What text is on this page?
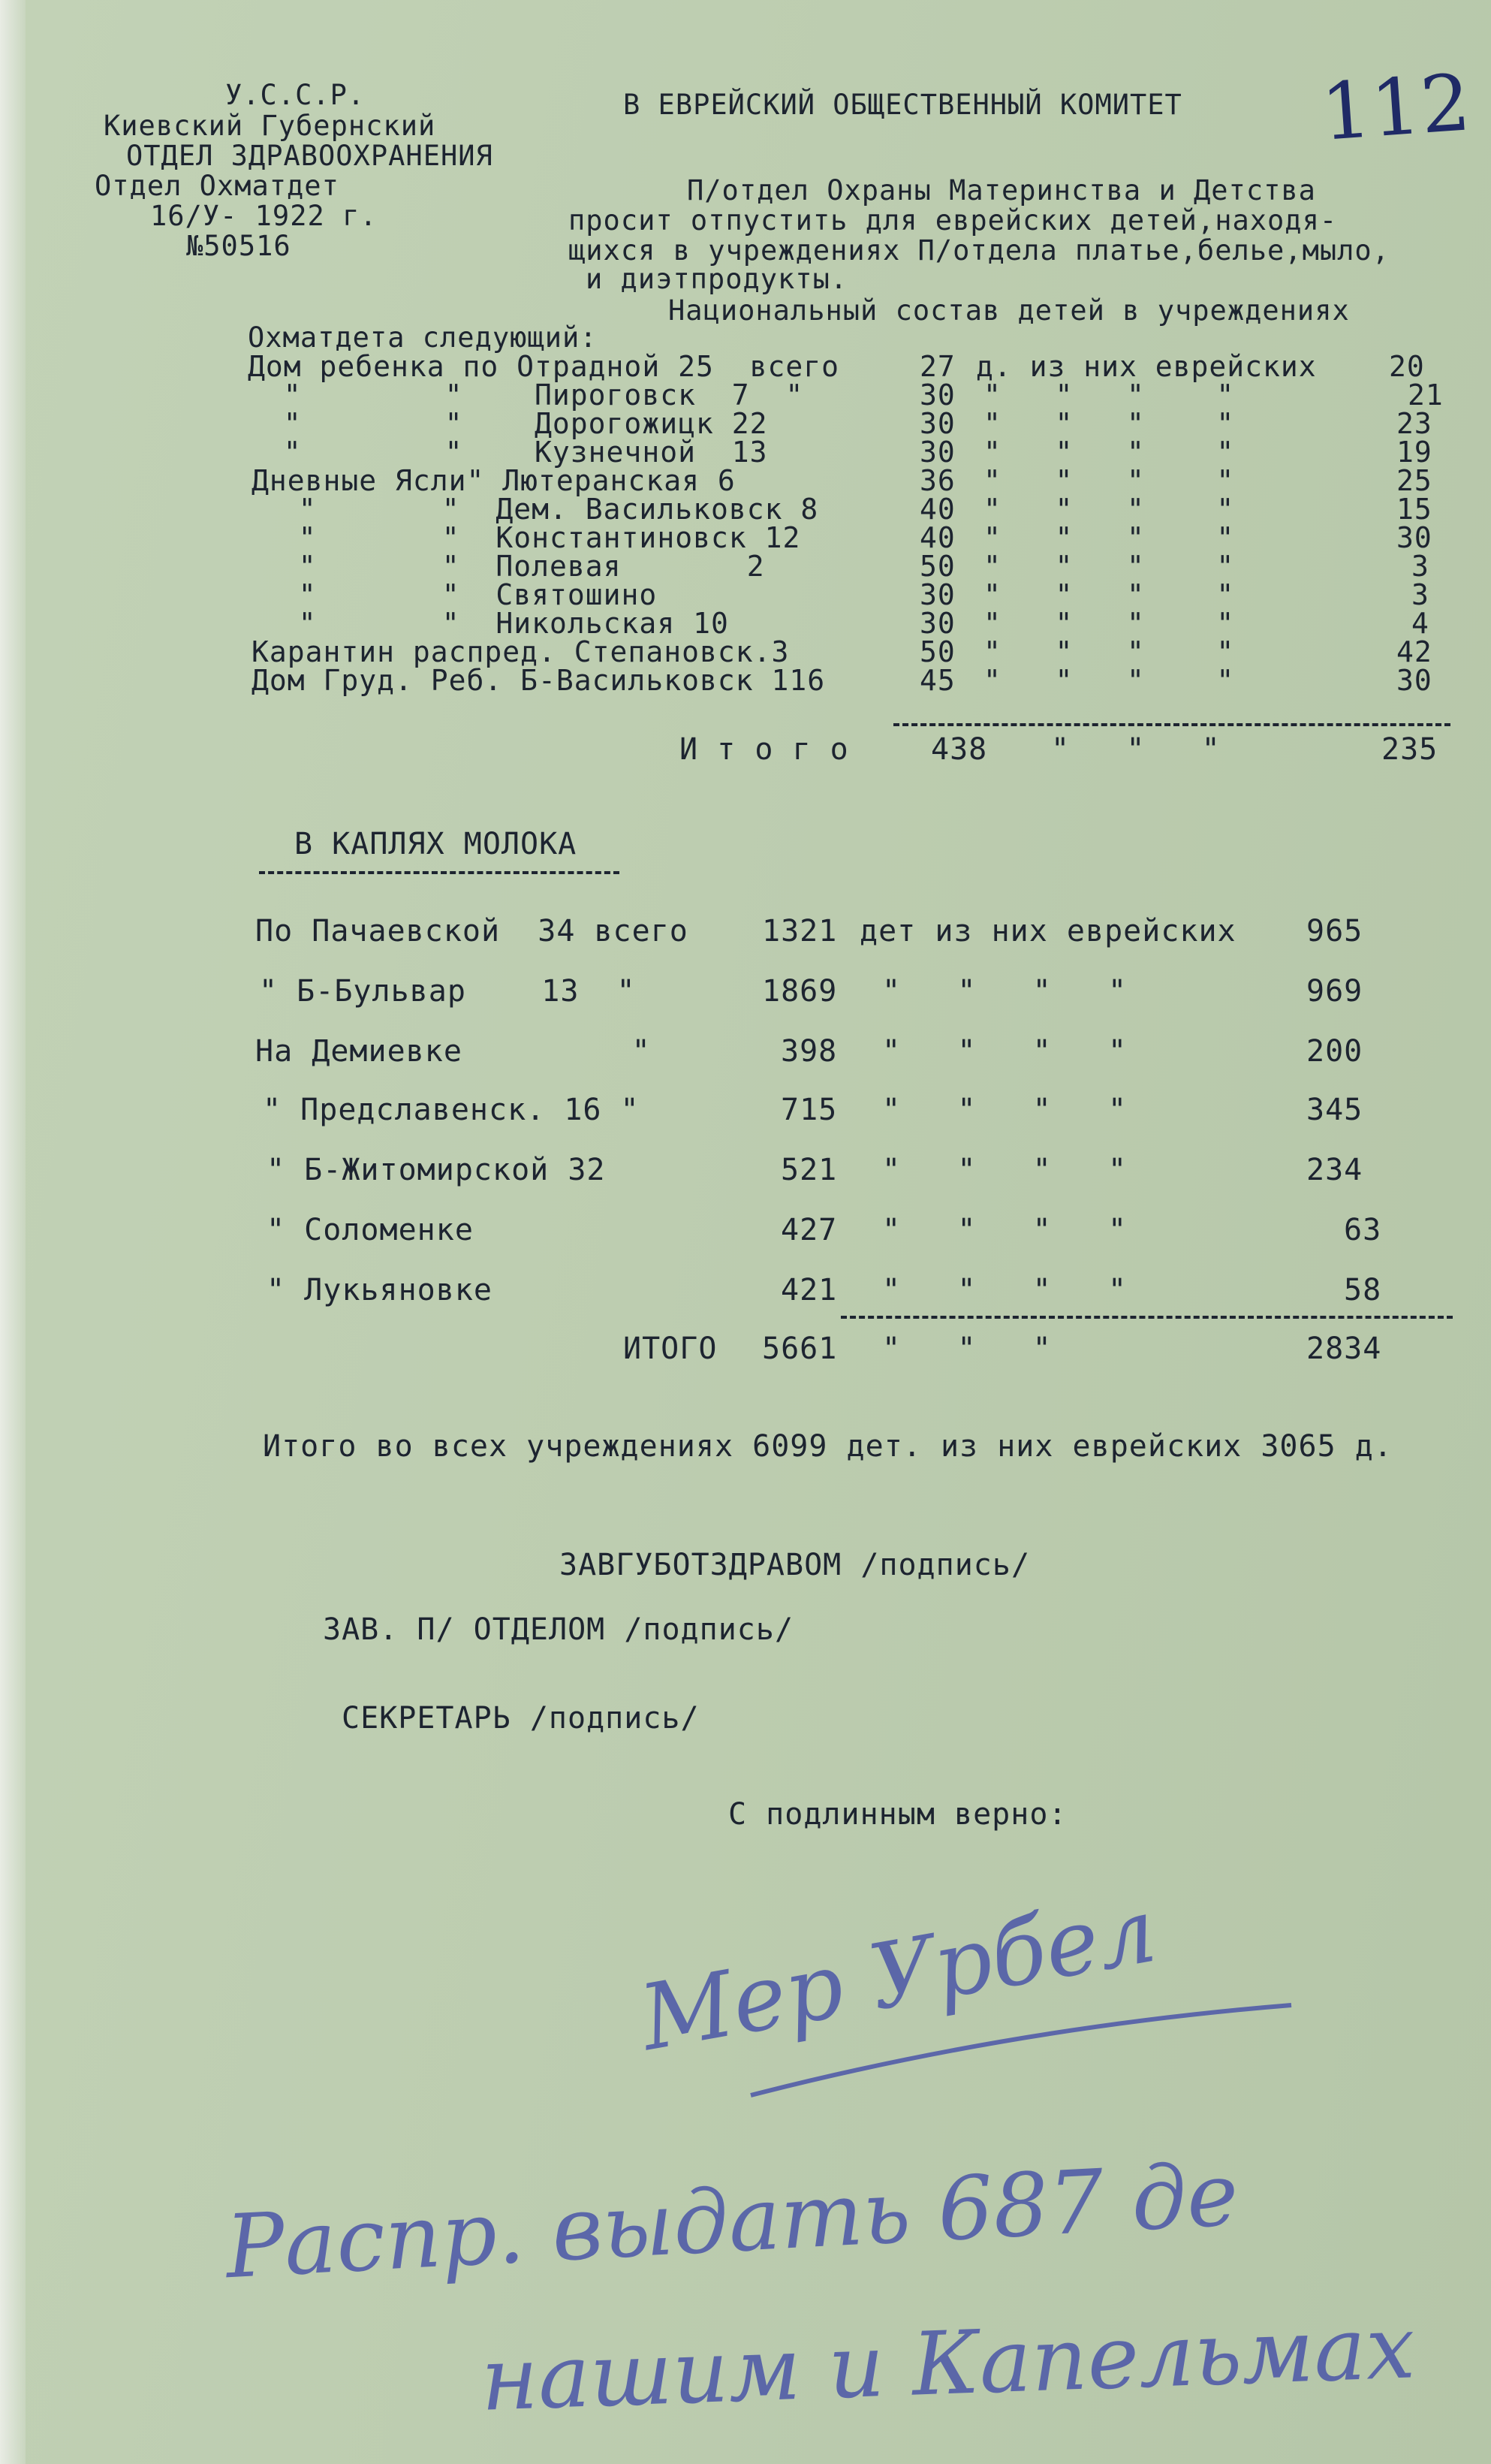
112
У.С.С.Р.
Киевский Губернский
ОТДЕЛ ЗДРАВООХРАНЕНИЯ
Отдел Охматдет
16/У- 1922 г.
№50516
В ЕВРЕЙСКИЙ ОБЩЕСТВЕННЫЙ КОМИТЕТ
П/отдел Охраны Материнства и Детства
просит отпустить для еврейских детей,находя-
щихся в учреждениях П/отдела платье,белье,мыло,
и диэтпродукты.
Национальный состав детей в учреждениях
Охматдета следующий:
Дом ребенка по Отрадной 25  всего	27 д. из них еврейских	20
"        "    Пироговск  7  "	30 "   "   "    "	21
"        "    Дорогожицк 22	30 "   "   "    "	23
"        "    Кузнечной  13	30 "   "   "    "	19
Дневные Ясли" Лютеранская 6	36 "   "   "    "	25
"       "  Дем. Васильковск 8	40 "   "   "    "	15
"       "  Константиновск 12	40 "   "   "    "	30
"       "  Полевая       2	50 "   "   "    "	3
"       "  Святошино	30 "   "   "    "	3
"       "  Никольская 10	30 "   "   "    "	4
Карантин распред. Степановск.3	50 "   "   "    "	42
Дом Груд. Реб. Б-Васильковск 116	45 "   "   "    "	30
И т о г о	438 "   "   "	235
В КАПЛЯХ МОЛОКА
По Пачаевской  34 всего 1321 дет из них еврейских 965
" Б-Бульвар    13  "	1869 "   "   "   "	969
На Демиевке         "	398 "   "   "   "	200
" Предславенск. 16 "	715 "   "   "   "	345
" Б-Житомирской 32	521 "   "   "   "	234
" Соломенке	427 "   "   "   "	63
" Лукьяновке	421 "   "   "   "	58
ИТОГО 5661 "   "   "	2834
Итого во всех учреждениях 6099 дет. из них еврейских 3065 д.
ЗАВГУБОТЗДРАВОМ /подпись/
ЗАВ. П/ ОТДЕЛОМ /подпись/
СЕКРЕТАРЬ /подпись/
С подлинным верно:
Мер Урбел
Распр. выдать 687 де
нашим и Капельмах
